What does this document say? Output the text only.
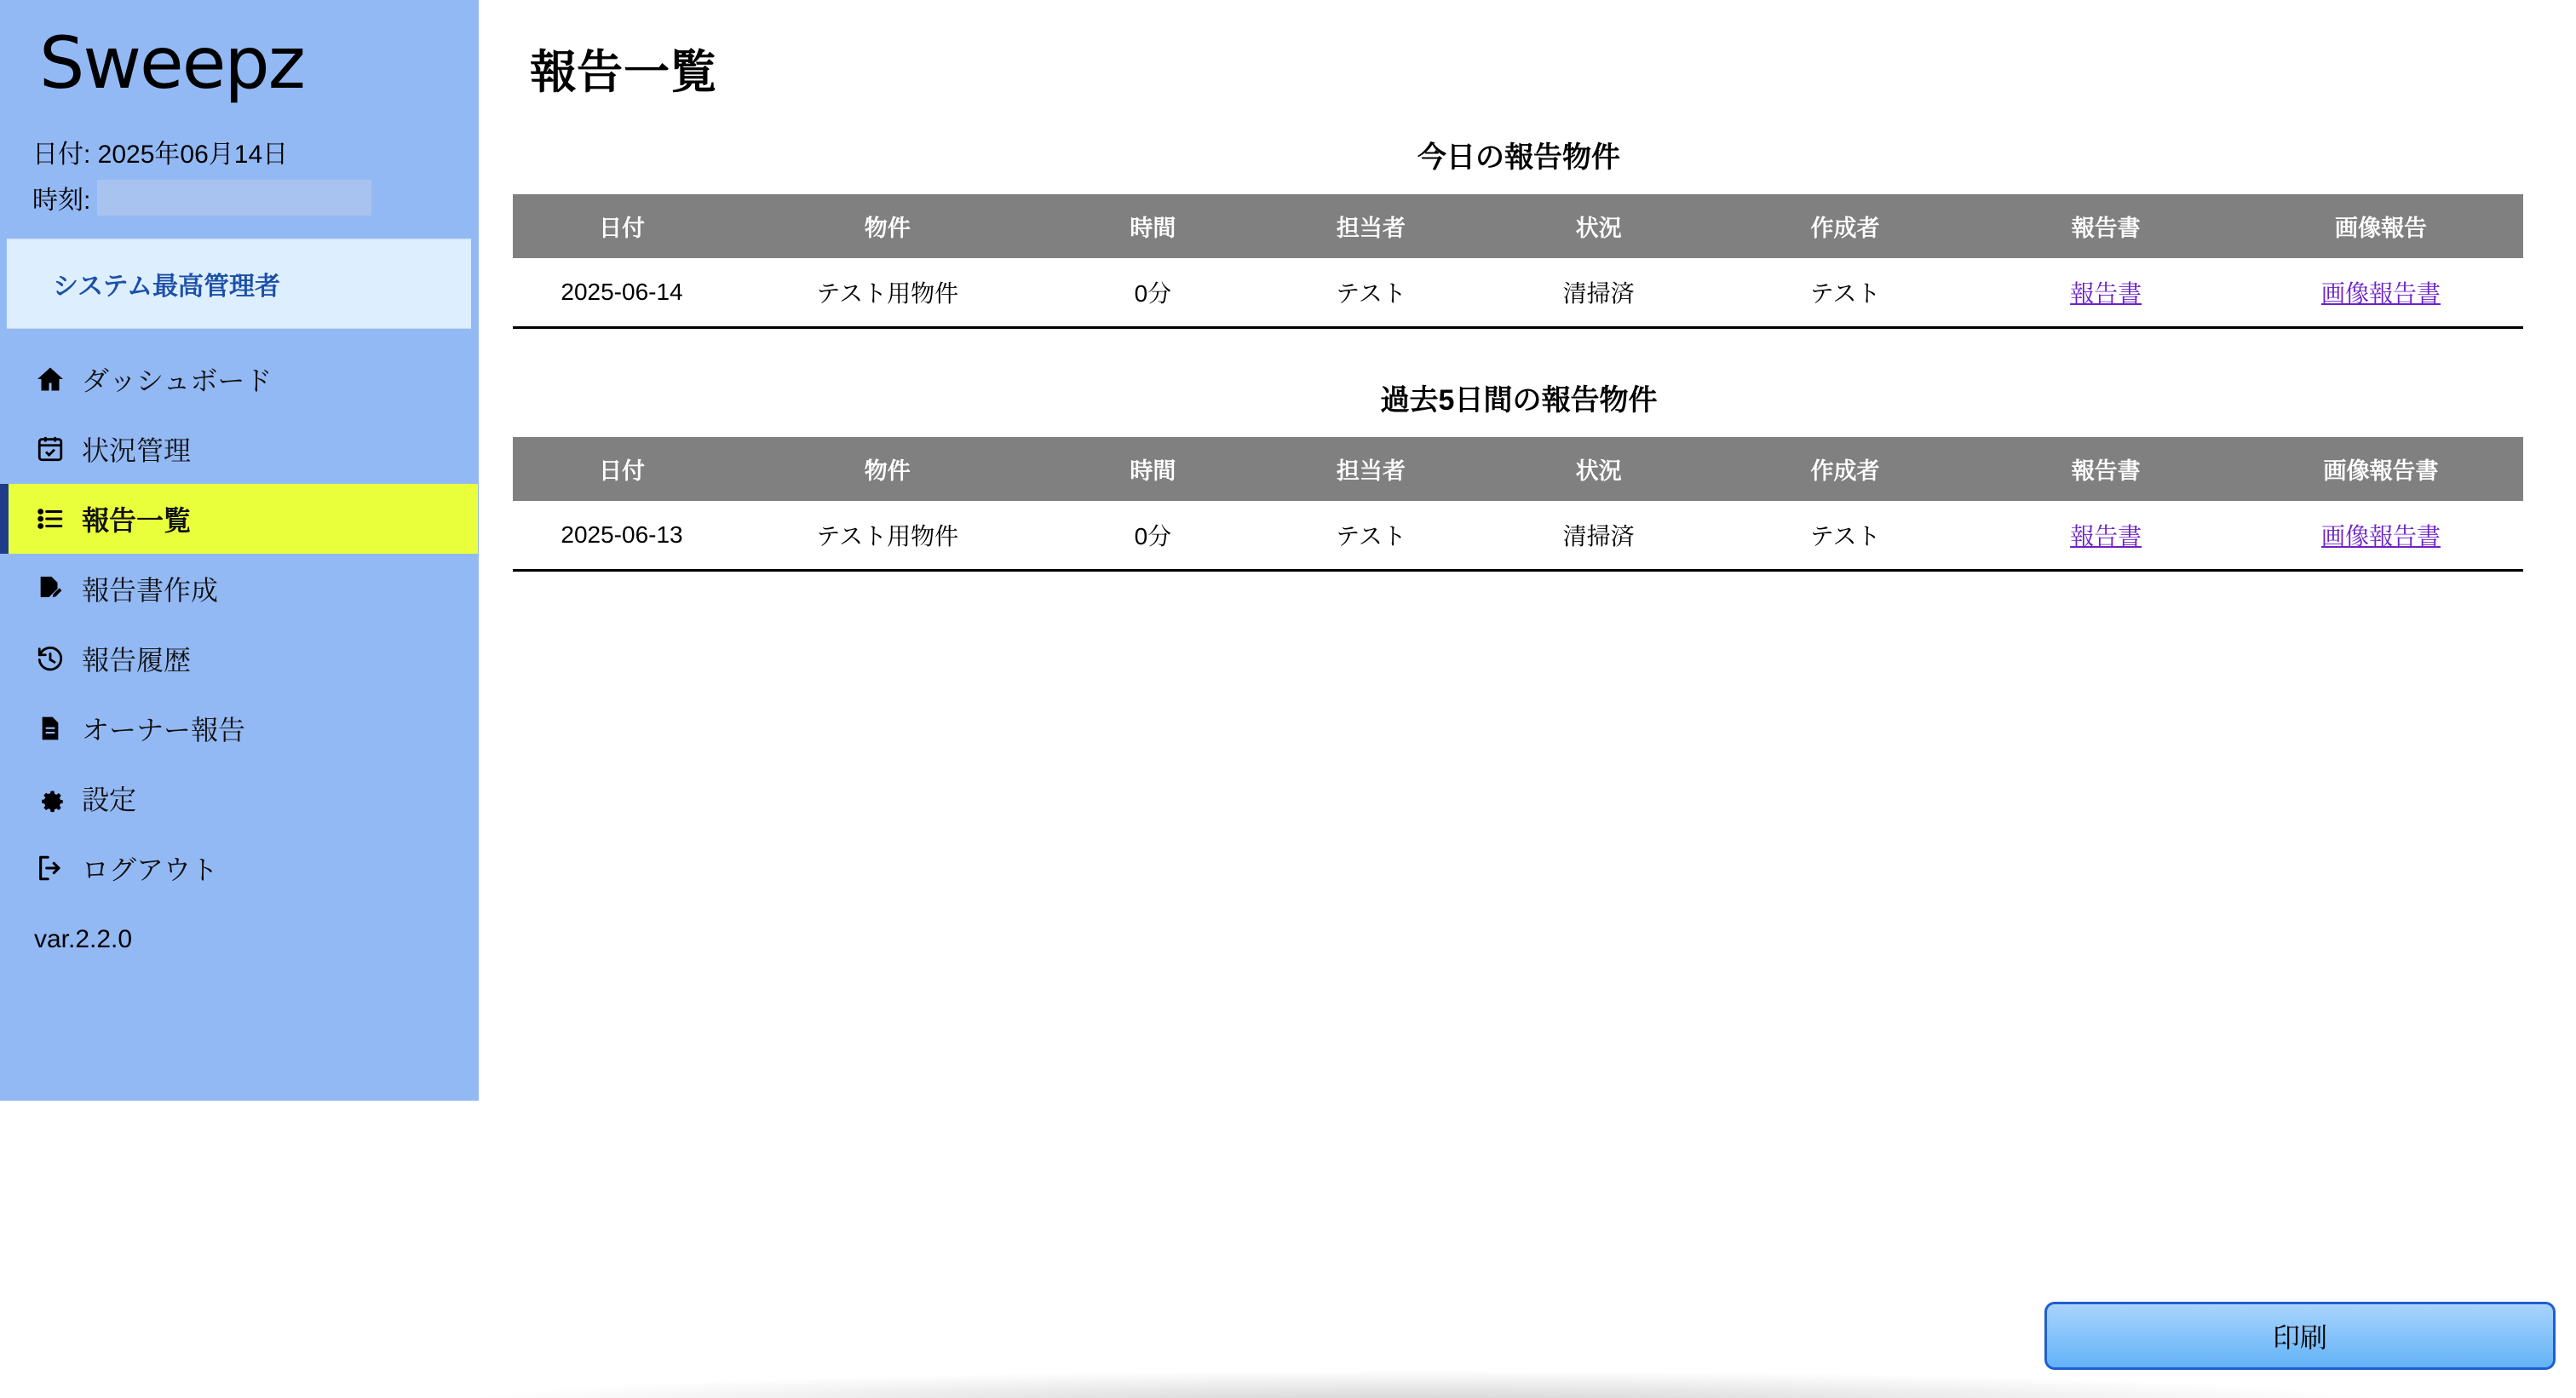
Sweepz
日付: 2025年06月14日
時刻:
システム最高管理者
ダッシュボード
状況管理
報告一覧
報告書作成
報告履歴
オーナー報告
設定
ログアウト
var.2.2.0
報告一覧
今日の報告物件
日付	物件	時間	担当者	状況	作成者	報告書	画像報告
2025-06-14	テスト用物件	0分	テスト	清掃済	テスト	報告書	画像報告書
過去5日間の報告物件
日付	物件	時間	担当者	状況	作成者	報告書	画像報告書
2025-06-13	テスト用物件	0分	テスト	清掃済	テスト	報告書	画像報告書
印刷
